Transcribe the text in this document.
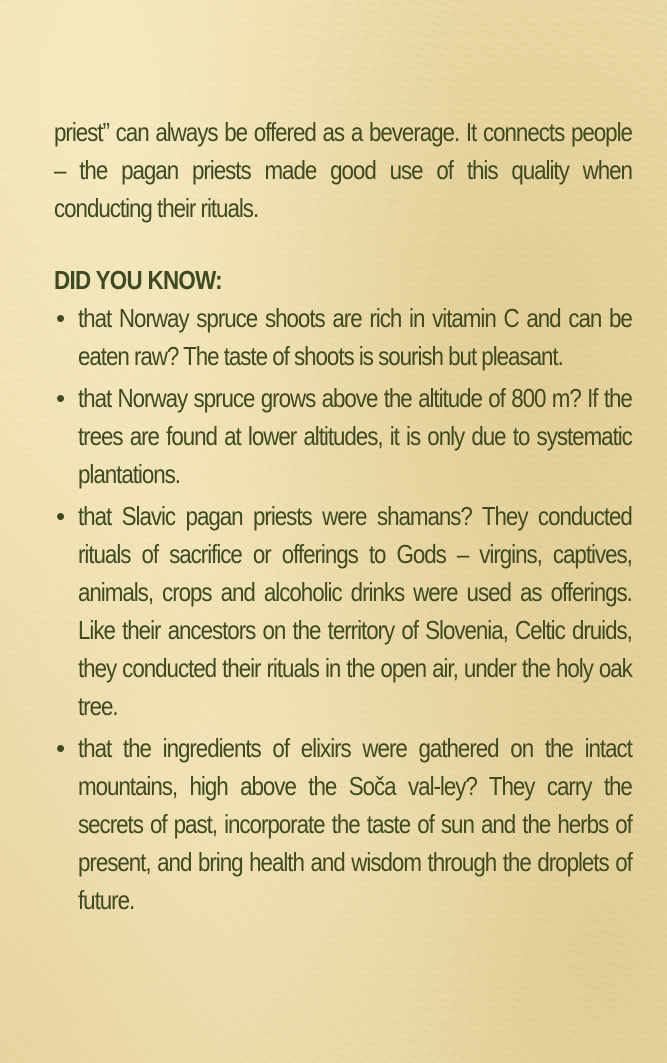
priest” can always be offered as a beverage. It connects people – the pagan priests made good use of this quality when conducting their rituals.

DID YOU KNOW:
• that Norway spruce shoots are rich in vitamin C and can be eaten raw? The taste of shoots is sourish but pleasant.

• that Norway spruce grows above the altitude of 800 m? If the trees are found at lower altitudes, it is only due to systematic plantations.

• that Slavic pagan priests were shamans? They conducted rituals of sacrifice or offerings to Gods – virgins, captives, animals, crops and alcoholic drinks were used as offerings. Like their ancestors on the territory of Slovenia, Celtic druids, they conducted their rituals in the open air, under the holy oak tree.

• that the ingredients of elixirs were gathered on the intact mountains, high above the Soča val-ley? They carry the secrets of past, incorporate the taste of sun and the herbs of present, and bring health and wisdom through the droplets of future.
